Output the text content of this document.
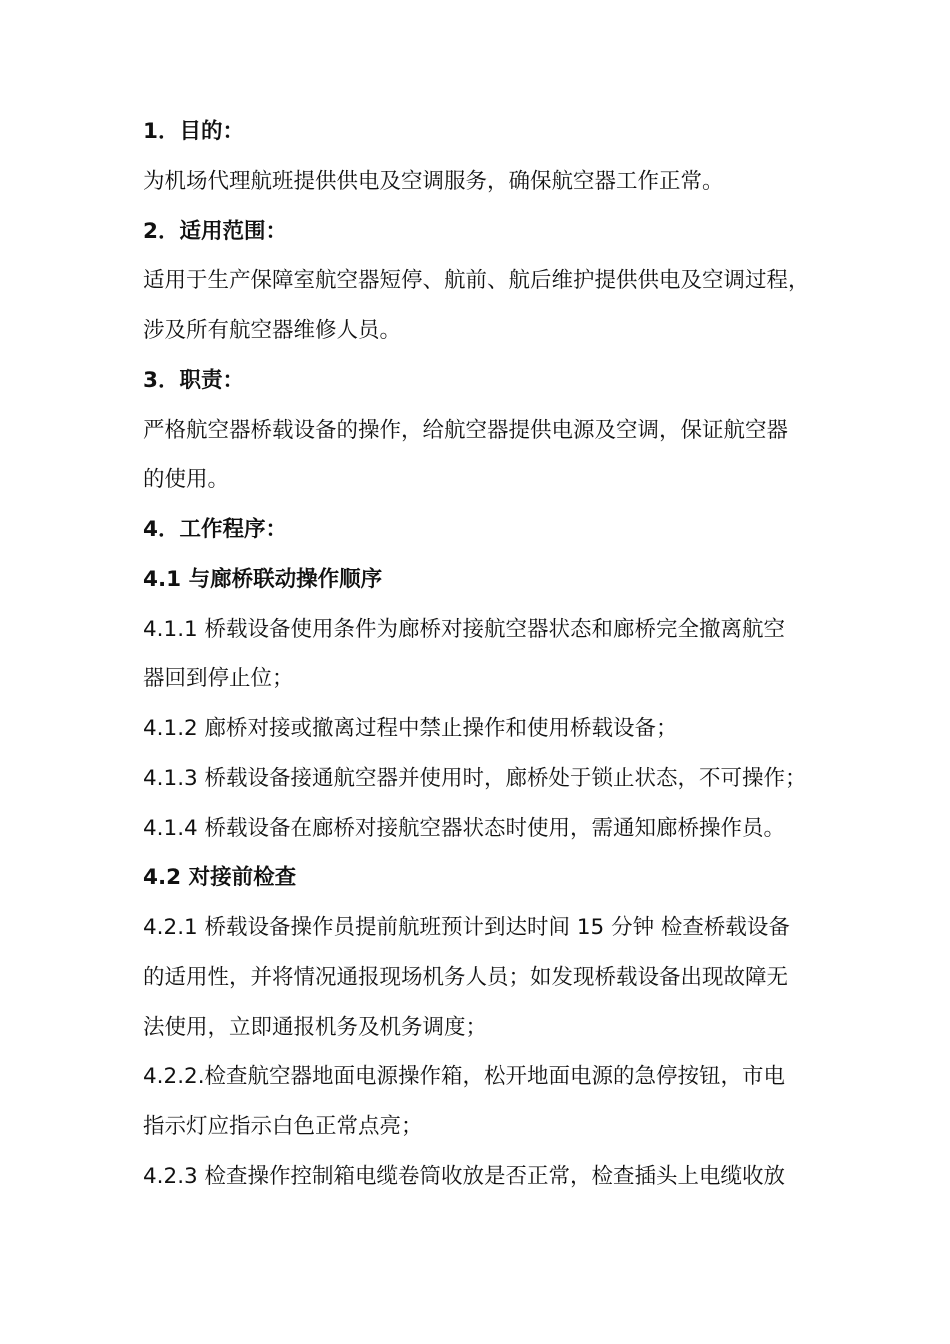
1．目的：
为机场代理航班提供供电及空调服务，确保航空器工作正常。
2．适用范围：
适用于生产保障室航空器短停、航前、航后维护提供供电及空调过程，
涉及所有航空器维修人员。
3．职责：
严格航空器桥载设备的操作，给航空器提供电源及空调，保证航空器
的使用。
4．工作程序：
4.1 与廊桥联动操作顺序
4.1.1 桥载设备使用条件为廊桥对接航空器状态和廊桥完全撤离航空
器回到停止位；
4.1.2 廊桥对接或撤离过程中禁止操作和使用桥载设备；
4.1.3 桥载设备接通航空器并使用时，廊桥处于锁止状态，不可操作；
4.1.4 桥载设备在廊桥对接航空器状态时使用，需通知廊桥操作员。
4.2 对接前检查
4.2.1 桥载设备操作员提前航班预计到达时间 15 分钟 检查桥载设备
的适用性，并将情况通报现场机务人员；如发现桥载设备出现故障无
法使用，立即通报机务及机务调度；
4.2.2.检查航空器地面电源操作箱，松开地面电源的急停按钮，市电
指示灯应指示白色正常点亮；
4.2.3 检查操作控制箱电缆卷筒收放是否正常，检查插头上电缆收放
